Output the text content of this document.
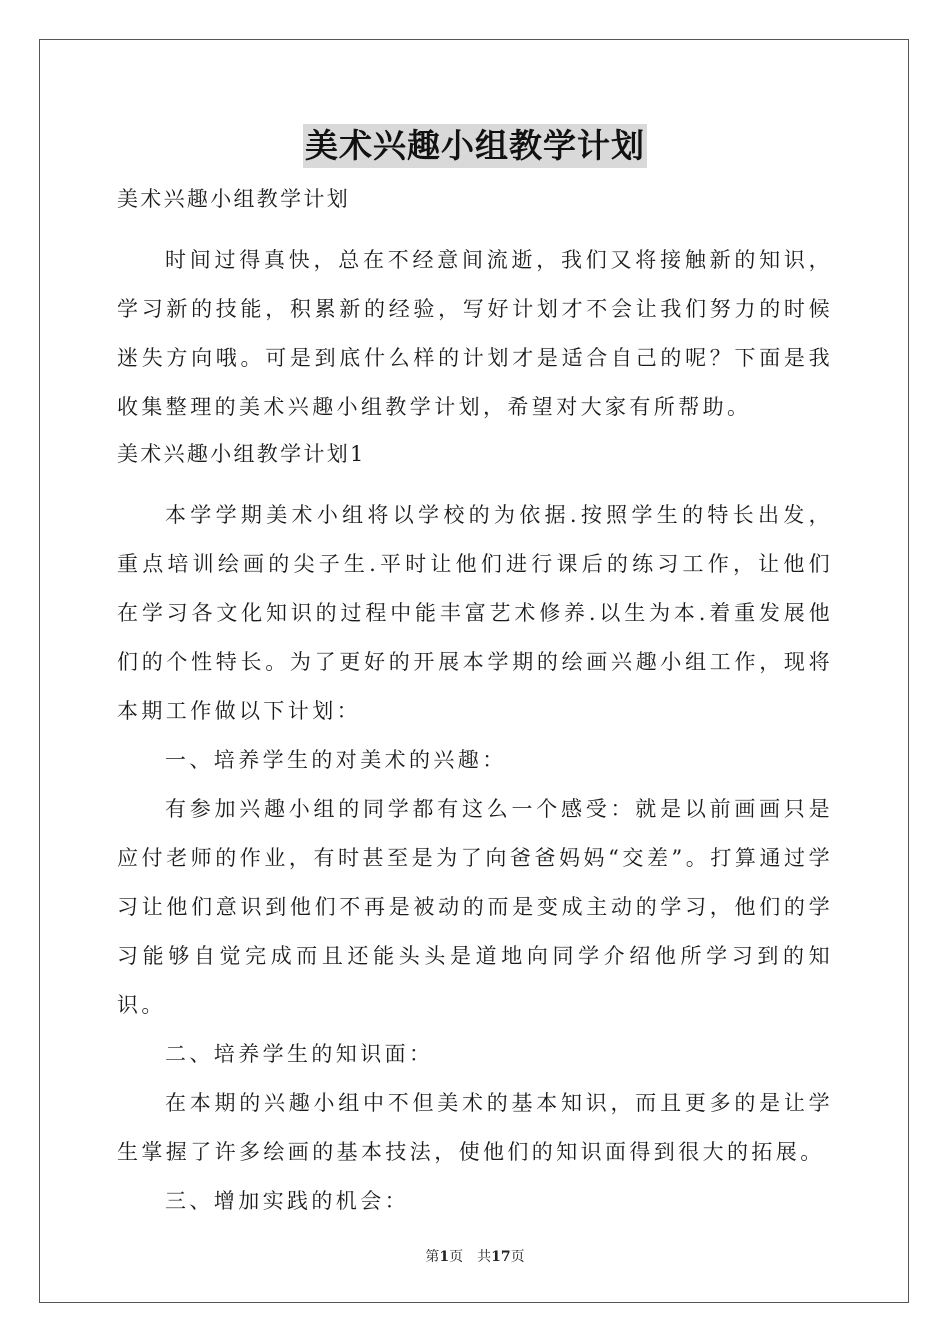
美术兴趣小组教学计划
美术兴趣小组教学计划

时间过得真快，总在不经意间流逝，我们又将接触新的知识，学习新的技能，积累新的经验，写好计划才不会让我们努力的时候迷失方向哦。可是到底什么样的计划才是适合自己的呢？下面是我收集整理的美术兴趣小组教学计划，希望对大家有所帮助。

美术兴趣小组教学计划1

本学学期美术小组将以学校的为依据.按照学生的特长出发，重点培训绘画的尖子生.平时让他们进行课后的练习工作，让他们在学习各文化知识的过程中能丰富艺术修养.以生为本.着重发展他们的个性特长。为了更好的开展本学期的绘画兴趣小组工作，现将本期工作做以下计划：

一、培养学生的对美术的兴趣：

有参加兴趣小组的同学都有这么一个感受：就是以前画画只是应付老师的作业，有时甚至是为了向爸爸妈妈“交差”。打算通过学习让他们意识到他们不再是被动的而是变成主动的学习，他们的学习能够自觉完成而且还能头头是道地向同学介绍他所学习到的知识。

二、培养学生的知识面：

在本期的兴趣小组中不但美术的基本知识，而且更多的是让学生掌握了许多绘画的基本技法，使他们的知识面得到很大的拓展。

三、增加实践的机会：

第1页 共17页
